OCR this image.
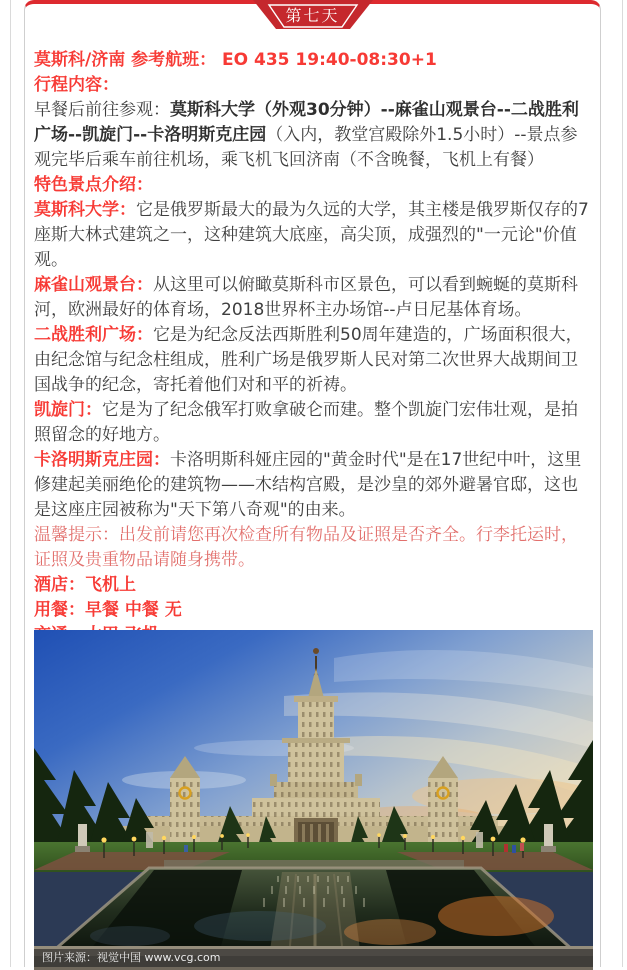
第七天

莫斯科/济南 参考航班： EO 435 19:40-08:30+1

行程内容：

早餐后前往参观：莫斯科大学（外观30分钟）--麻雀山观景台--二战胜利广场--凯旋门--卡洛明斯克庄园（入内，教堂宫殿除外1.5小时）--景点参观完毕后乘车前往机场，乘飞机飞回济南（不含晚餐，飞机上有餐）

特色景点介绍：

莫斯科大学：它是俄罗斯最大的最为久远的大学，其主楼是俄罗斯仅存的7座斯大林式建筑之一，这种建筑大底座，高尖顶，成强烈的"一元论"价值观。

麻雀山观景台：从这里可以俯瞰莫斯科市区景色，可以看到蜿蜒的莫斯科河，欧洲最好的体育场，2018世界杯主办场馆--卢日尼基体育场。

二战胜利广场：它是为纪念反法西斯胜利50周年建造的，广场面积很大，由纪念馆与纪念柱组成，胜利广场是俄罗斯人民对第二次世界大战期间卫国战争的纪念，寄托着他们对和平的祈祷。

凯旋门：它是为了纪念俄军打败拿破仑而建。整个凯旋门宏伟壮观，是拍照留念的好地方。

卡洛明斯克庄园：卡洛明斯科娅庄园的"黄金时代"是在17世纪中叶，这里修建起美丽绝伦的建筑物——木结构宫殿，是沙皇的郊外避暑官邸，这也是这座庄园被称为"天下第八奇观"的由来。

温馨提示：出发前请您再次检查所有物品及证照是否齐全。行李托运时，证照及贵重物品请随身携带。

酒店：飞机上

用餐：早餐 中餐 无

图片来源：视觉中国 www.vcg.com
